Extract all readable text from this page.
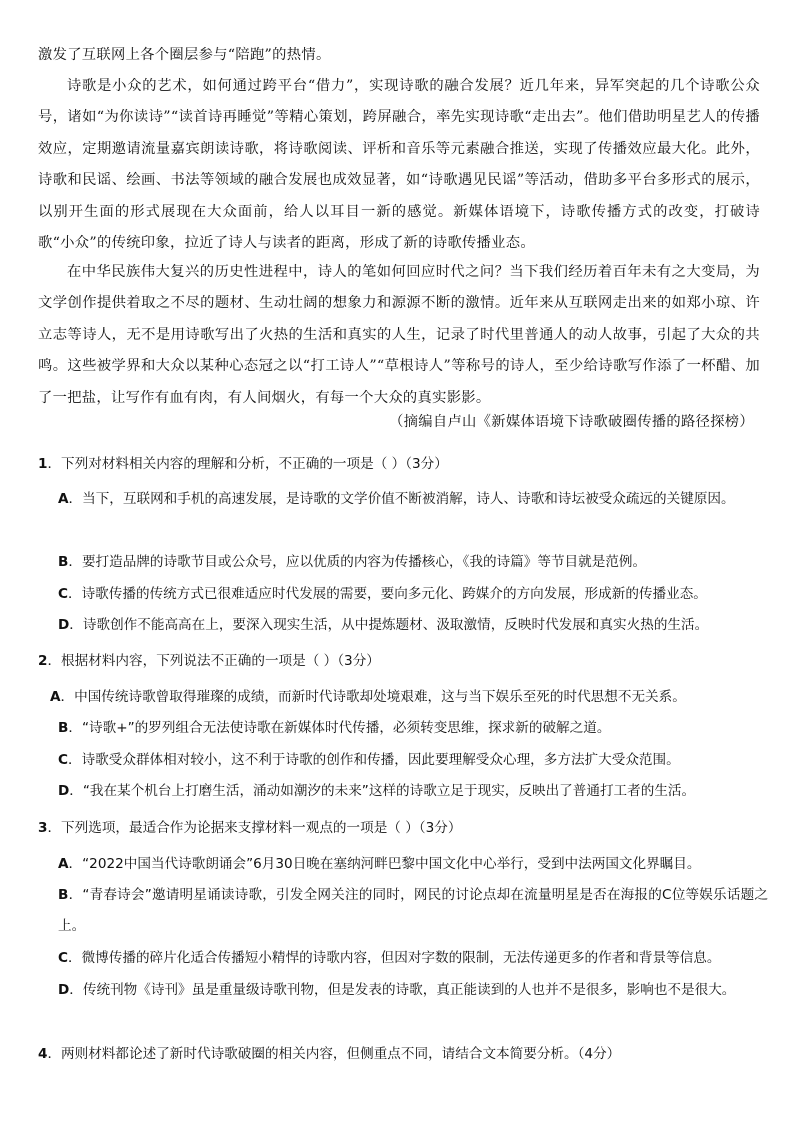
激发了互联网上各个圈层参与“陪跑”的热情。
诗歌是小众的艺术，如何通过跨平台“借力”，实现诗歌的融合发展？近几年来，异军突起的几个诗歌公众号，诸如“为你读诗”“读首诗再睡觉”等精心策划，跨屏融合，率先实现诗歌“走出去”。他们借助明星艺人的传播效应，定期邀请流量嘉宾朗读诗歌，将诗歌阅读、评析和音乐等元素融合推送，实现了传播效应最大化。此外，诗歌和民谣、绘画、书法等领域的融合发展也成效显著，如“诗歌遇见民谣”等活动，借助多平台多形式的展示，以别开生面的形式展现在大众面前，给人以耳目一新的感觉。新媒体语境下，诗歌传播方式的改变，打破诗歌“小众”的传统印象，拉近了诗人与读者的距离，形成了新的诗歌传播业态。
在中华民族伟大复兴的历史性进程中，诗人的笔如何回应时代之问？当下我们经历着百年未有之大变局，为文学创作提供着取之不尽的题材、生动壮阔的想象力和源源不断的激情。近年来从互联网走出来的如郑小琼、许立志等诗人，无不是用诗歌写出了火热的生活和真实的人生，记录了时代里普通人的动人故事，引起了大众的共鸣。这些被学界和大众以某种心态冠之以“打工诗人”“草根诗人”等称号的诗人，至少给诗歌写作添了一杯醋、加了一把盐，让写作有血有肉，有人间烟火，有每一个大众的真实影影。
（摘编自卢山《新媒体语境下诗歌破圈传播的路径探榜）
1．下列对材料相关内容的理解和分析，不正确的一项是（ ）（3分）
A．当下，互联网和手机的高速发展，是诗歌的文学价值不断被消解，诗人、诗歌和诗坛被受众疏远的关键原因。
B．要打造品牌的诗歌节目或公众号，应以优质的内容为传播核心，《我的诗篇》等节目就是范例。
C．诗歌传播的传统方式已很难适应时代发展的需要，要向多元化、跨媒介的方向发展，形成新的传播业态。
D．诗歌创作不能高高在上，要深入现实生活，从中提炼题材、汲取激情，反映时代发展和真实火热的生活。
2．根据材料内容，下列说法不正确的一项是（ ）（3分）
A．中国传统诗歌曾取得璀璨的成绩，而新时代诗歌却处境艰难，这与当下娱乐至死的时代思想不无关系。
B．“诗歌+”的罗列组合无法使诗歌在新媒体时代传播，必须转变思维，探求新的破解之道。
C．诗歌受众群体相对较小，这不利于诗歌的创作和传播，因此要理解受众心理，多方法扩大受众范围。
D．“我在某个机台上打磨生活，涌动如潮汐的未来”这样的诗歌立足于现实，反映出了普通打工者的生活。
3．下列选项，最适合作为论据来支撑材料一观点的一项是（ ）（3分）
A．“2022中国当代诗歌朗诵会”6月30日晚在塞纳河畔巴黎中国文化中心举行，受到中法两国文化界瞩目。
B．“青春诗会”邀请明星诵读诗歌，引发全网关注的同时，网民的讨论点却在流量明星是否在海报的C位等娱乐话题之上。
C．微博传播的碎片化适合传播短小精悍的诗歌内容，但因对字数的限制，无法传递更多的作者和背景等信息。
D．传统刊物《诗刊》虽是重量级诗歌刊物，但是发表的诗歌，真正能读到的人也并不是很多，影响也不是很大。
4．两则材料都论述了新时代诗歌破圈的相关内容，但侧重点不同，请结合文本简要分析。（4分）
